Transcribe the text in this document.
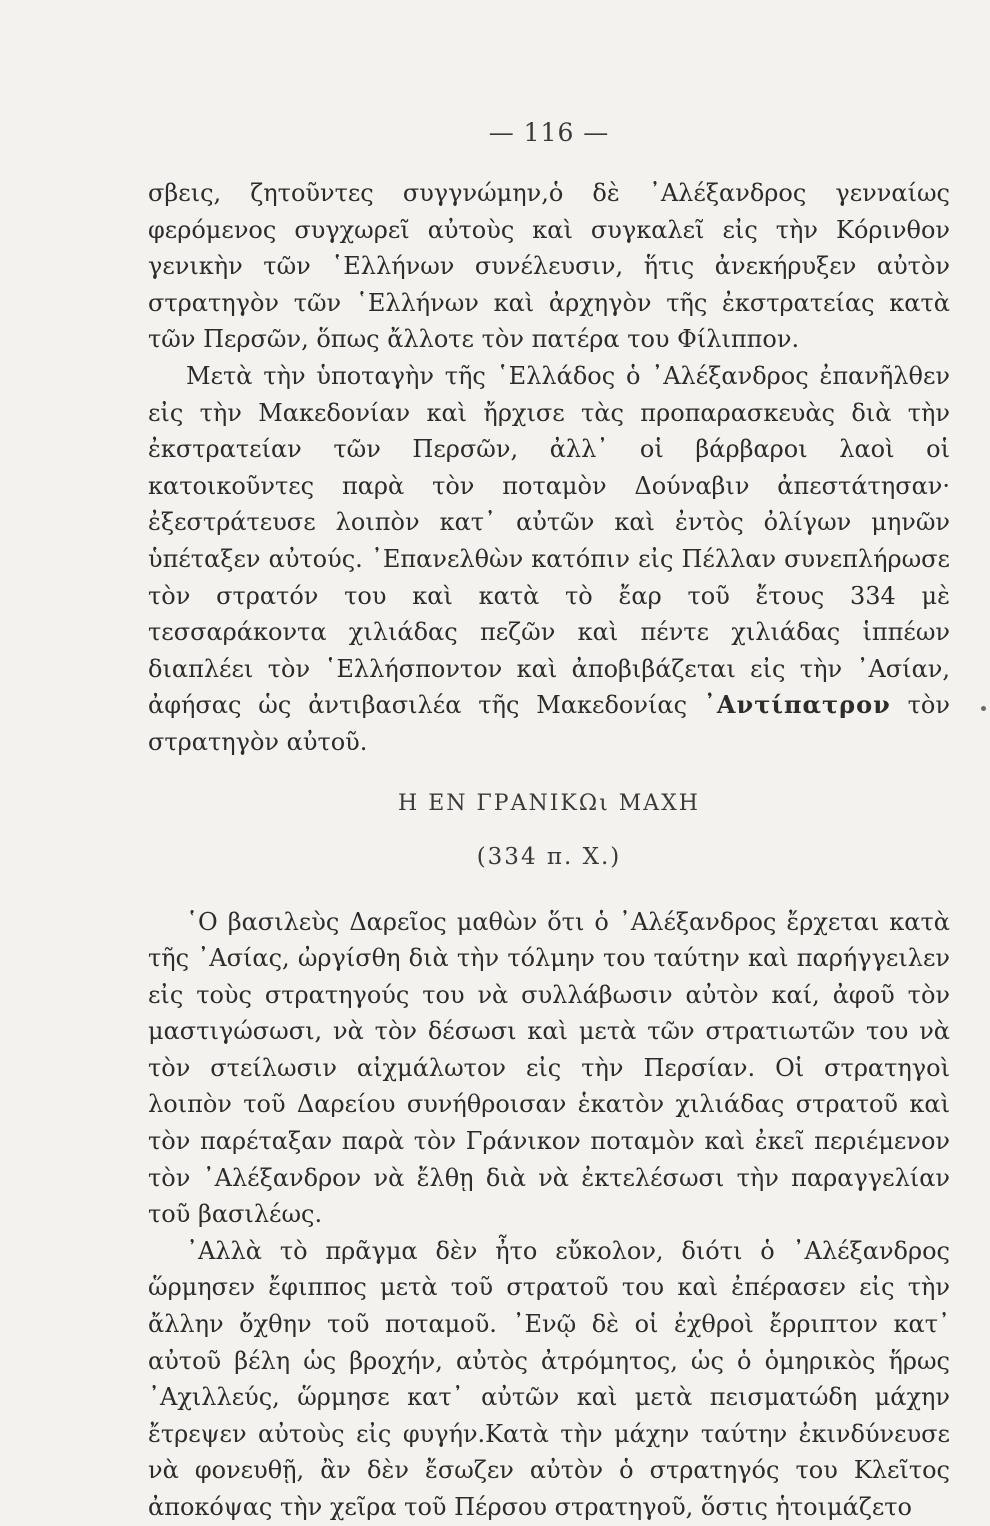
— 116 —

σβεις, ζητοῦντες συγγνώμην,ὁ δὲ ᾿Αλέξανδρος γενναίως φερόμενος συγχωρεῖ αὐτοὺς καὶ συγκαλεῖ εἰς τὴν Κόρινθον γενικὴν τῶν ῾Ελλήνων συνέλευσιν, ἥτις ἀνεκήρυξεν αὐτὸν στρατηγὸν τῶν ῾Ελλήνων καὶ ἀρχηγὸν τῆς ἐκστρατείας κατὰ τῶν Περσῶν, ὅπως ἄλλοτε τὸν πατέρα του Φίλιππον.

Μετὰ τὴν ὑποταγὴν τῆς ῾Ελλάδος ὁ ᾿Αλέξανδρος ἐπανῆλθεν εἰς τὴν Μακεδονίαν καὶ ἤρχισε τὰς προπαρασκευὰς διὰ τὴν ἐκστρατείαν τῶν Περσῶν, ἀλλ᾿ οἱ βάρβαροι λαοὶ οἱ κατοικοῦντες παρὰ τὸν ποταμὸν Δούναβιν ἀπεστάτησαν· ἐξεστράτευσε λοιπὸν κατ᾿ αὐτῶν καὶ ἐντὸς ὀλίγων μηνῶν ὑπέταξεν αὐτούς. ᾿Επανελθὼν κατόπιν εἰς Πέλλαν συνεπλήρωσε τὸν στρατόν του καὶ κατὰ τὸ ἔαρ τοῦ ἔτους 334 μὲ τεσσαράκοντα χιλιάδας πεζῶν καὶ πέντε χιλιάδας ἱππέων διαπλέει τὸν ῾Ελλήσποντον καὶ ἀποβιβάζεται εἰς τὴν ᾿Ασίαν, ἀφήσας ὡς ἀντιβασιλέα τῆς Μακεδονίας ᾿Αντίπατρον τὸν στρατηγὸν αὐτοῦ.

Η ΕΝ ΓΡΑΝΙΚΩι ΜΑΧΗ
(334 π. Χ.)

῾Ο βασιλεὺς Δαρεῖος μαθὼν ὅτι ὁ ᾿Αλέξανδρος ἔρχεται κατὰ τῆς ᾿Ασίας, ὠργίσθη διὰ τὴν τόλμην του ταύτην καὶ παρήγγειλεν εἰς τοὺς στρατηγούς του νὰ συλλάβωσιν αὐτὸν καί, ἀφοῦ τὸν μαστιγώσωσι, νὰ τὸν δέσωσι καὶ μετὰ τῶν στρατιωτῶν του νὰ τὸν στείλωσιν αἰχμάλωτον εἰς τὴν Περσίαν. Οἱ στρατηγοὶ λοιπὸν τοῦ Δαρείου συνήθροισαν ἑκατὸν χιλιάδας στρατοῦ καὶ τὸν παρέταξαν παρὰ τὸν Γράνικον ποταμὸν καὶ ἐκεῖ περιέμενον τὸν ᾿Αλέξανδρον νὰ ἔλθῃ διὰ νὰ ἐκτελέσωσι τὴν παραγγελίαν τοῦ βασιλέως.

᾿Αλλὰ τὸ πρᾶγμα δὲν ἦτο εὔκολον, διότι ὁ ᾿Αλέξανδρος ὥρμησεν ἔφιππος μετὰ τοῦ στρατοῦ του καὶ ἐπέρασεν εἰς τὴν ἄλλην ὄχθην τοῦ ποταμοῦ. ᾿Ενῷ δὲ οἱ ἐχθροὶ ἔρριπτον κατ᾿ αὐτοῦ βέλη ὡς βροχήν, αὐτὸς ἀτρόμητος, ὡς ὁ ὁμηρικὸς ἥρως ᾿Αχιλλεύς, ὥρμησε κατ᾿ αὐτῶν καὶ μετὰ πεισματώδη μάχην ἔτρεψεν αὐτοὺς εἰς φυγήν.Κατὰ τὴν μάχην ταύτην ἐκινδύνευσε νὰ φονευθῇ, ἂν δὲν ἔσωζεν αὐτὸν ὁ στρατηγός του Κλεῖτος ἀποκόψας τὴν χεῖρα τοῦ Πέρσου στρατηγοῦ, ὅστις ἡτοιμάζετο
